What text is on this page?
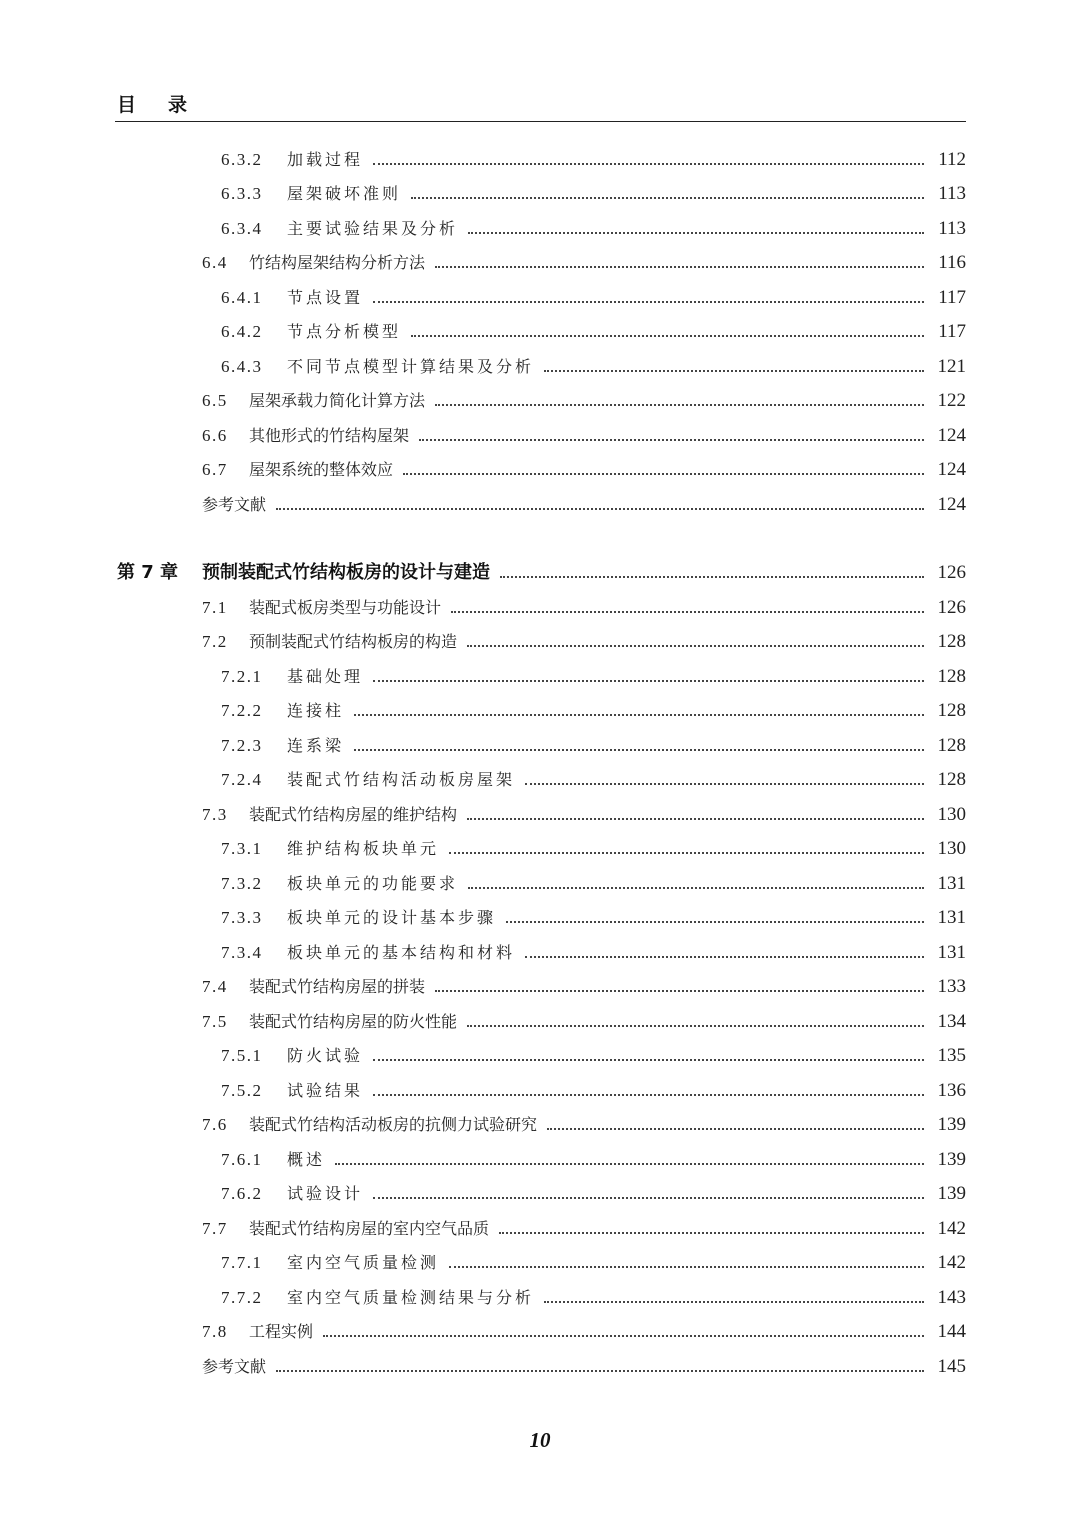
目录
6.3.2	加载过程	112
6.3.3	屋架破坏准则	113
6.3.4	主要试验结果及分析	113
6.4	竹结构屋架结构分析方法	116
6.4.1	节点设置	117
6.4.2	节点分析模型	117
6.4.3	不同节点模型计算结果及分析	121
6.5	屋架承载力简化计算方法	122
6.6	其他形式的竹结构屋架	124
6.7	屋架系统的整体效应	124
参考文献	124
第 7 章	预制装配式竹结构板房的设计与建造	126
7.1	装配式板房类型与功能设计	126
7.2	预制装配式竹结构板房的构造	128
7.2.1	基础处理	128
7.2.2	连接柱	128
7.2.3	连系梁	128
7.2.4	装配式竹结构活动板房屋架	128
7.3	装配式竹结构房屋的维护结构	130
7.3.1	维护结构板块单元	130
7.3.2	板块单元的功能要求	131
7.3.3	板块单元的设计基本步骤	131
7.3.4	板块单元的基本结构和材料	131
7.4	装配式竹结构房屋的拼装	133
7.5	装配式竹结构房屋的防火性能	134
7.5.1	防火试验	135
7.5.2	试验结果	136
7.6	装配式竹结构活动板房的抗侧力试验研究	139
7.6.1	概述	139
7.6.2	试验设计	139
7.7	装配式竹结构房屋的室内空气品质	142
7.7.1	室内空气质量检测	142
7.7.2	室内空气质量检测结果与分析	143
7.8	工程实例	144
参考文献	145
10
